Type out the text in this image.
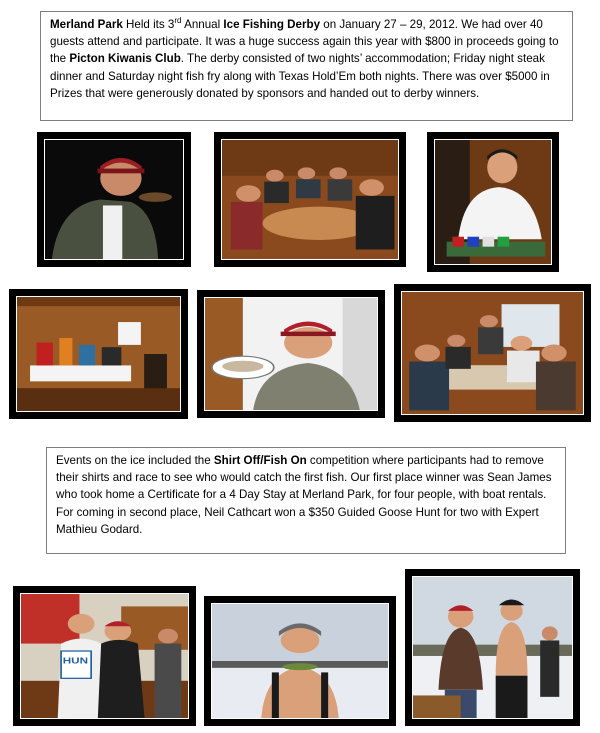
Merland Park Held its 3rd Annual Ice Fishing Derby on January 27 – 29, 2012. We had over 40 guests attend and participate. It was a huge success again this year with $800 in proceeds going to the Picton Kiwanis Club. The derby consisted of two nights’ accommodation; Friday night steak dinner and Saturday night fish fry along with Texas Hold’Em both nights. There was over $5000 in Prizes that were generously donated by sponsors and handed out to derby winners.
Events on the ice included the Shirt Off/Fish On competition where participants had to remove their shirts and race to see who would catch the first fish. Our first place winner was Sean James who took home a Certificate for a 4 Day Stay at Merland Park, for four people, with boat rentals. For coming in second place, Neil Cathcart won a $350 Guided Goose Hunt for two with Expert Mathieu Godard.
HUN
